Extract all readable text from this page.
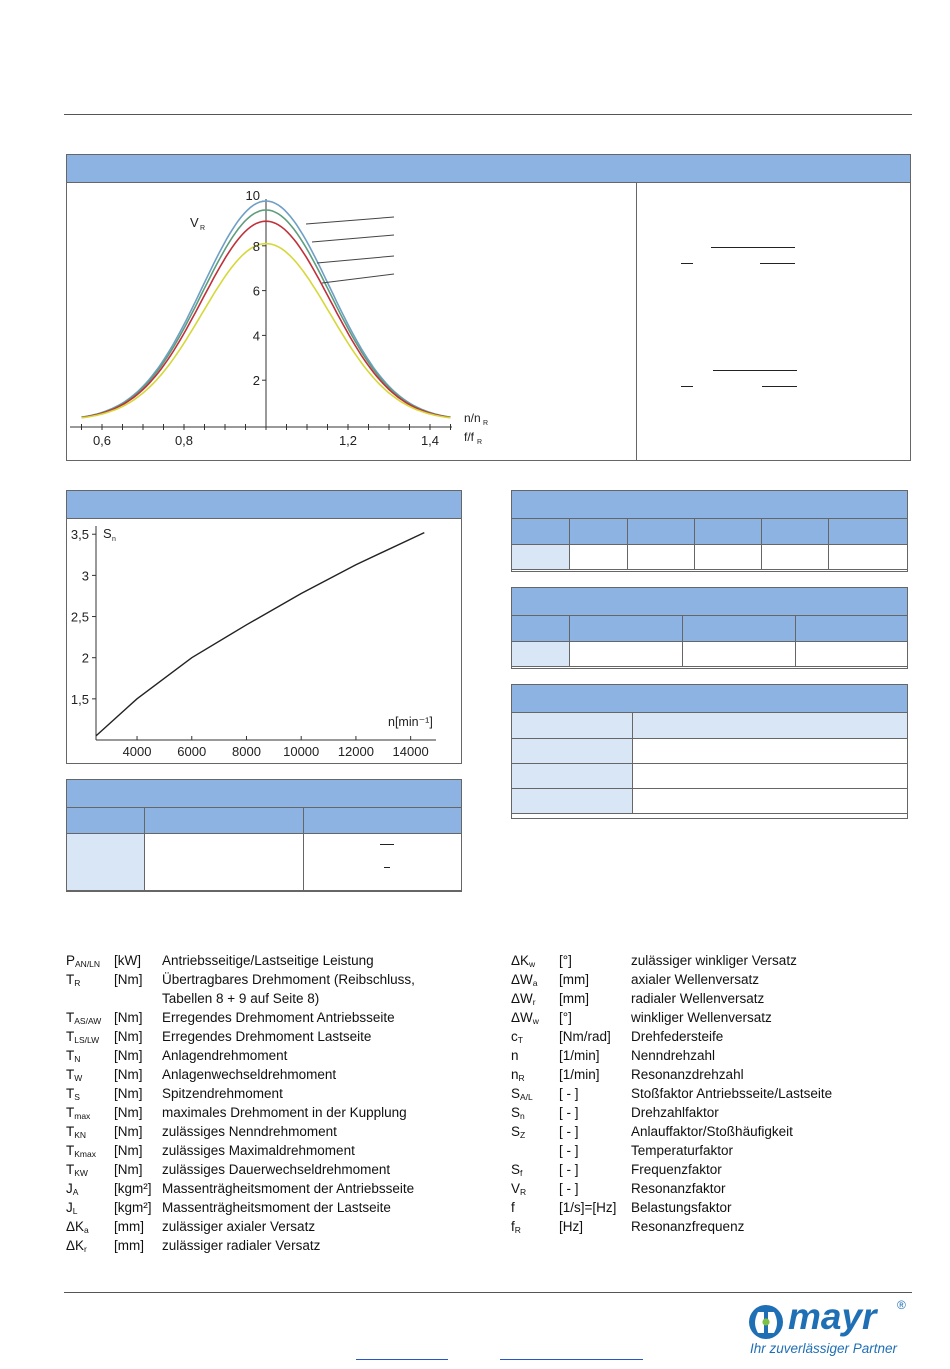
0,6	0,8	1,2	1,4
2
4
6
8
10
V R
n/n R
f/f R
4000 6000 8000 10000 12000 14000
1,5
2
2,5
3
3,5 S n
n[min⁻¹]

$P_{AN/LN}$ [kW] Antriebsseitige/Lastseitige Leistung
$T_R$ [Nm] Übertragbares Drehmoment (Reibschluss,
Tabellen 8 + 9 auf Seite 8)
$T_{AS/AW}$ [Nm] Erregendes Drehmoment Antriebsseite
$T_{LS/LW}$ [Nm] Erregendes Drehmoment Lastseite
$T_N$ [Nm] Anlagendrehmoment
$T_W$ [Nm] Anlagenwechseldrehmoment
$T_S$	[Nm] Spitzendrehmoment
$T_{max}$ [Nm] maximales Drehmoment in der Kupplung
$T_{KN}$ [Nm] zulässiges Nenndrehmoment
$T_{Kmax}$ [Nm] zulässiges Maximaldrehmoment
$T_{KW}$ [Nm] zulässiges Dauerwechseldrehmoment
$J_A$	[kgm²] Massenträgheitsmoment der Antriebsseite
$J_L$	[kgm²] Massenträgheitsmoment der Lastseite
$\Delta K_a$ [mm] zulässiger axialer Versatz
$\Delta K_r$ [mm] zulässiger radialer Versatz
$\Delta K_w$ [°]	zulässiger winkliger Versatz
$\Delta W_a$ [mm]	axialer Wellenversatz
$\Delta W_r$ [mm]	radialer Wellenversatz
$\Delta W_w$ [°]	winkliger Wellenversatz
$c_T$	[Nm/rad] Drehfedersteife
n	[1/min] Nenndrehzahl
$n_R$	[1/min] Resonanzdrehzahl
$S_{A/L}$ [ - ]	Stoßfaktor Antriebsseite/Lastseite
$S_n$	[ - ]	Drehzahlfaktor
$S_Z$	[ - ]	Anlauffaktor/Stoßhäufigkeit
[ - ]	Temperaturfaktor
$S_f$	[ - ]	Frequenzfaktor
$V_R$ [ - ]	Resonanzfaktor
f	[1/s]=[Hz] Belastungsfaktor
$f_R$	[Hz]	Resonanzfrequenz
mayr ®
Ihr zuverlässiger Partner
